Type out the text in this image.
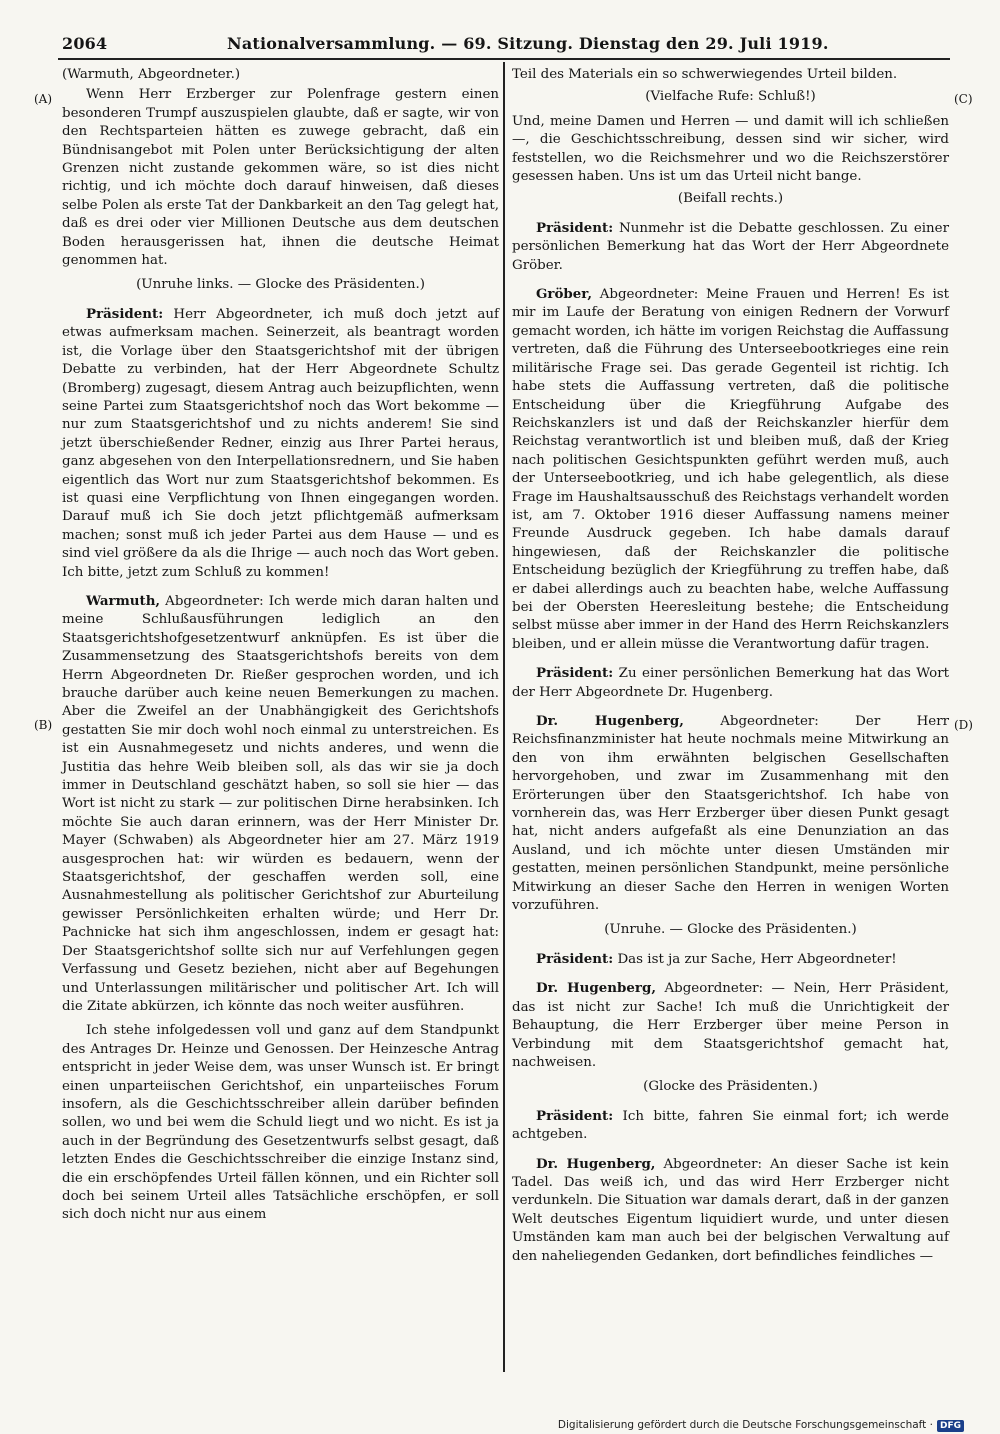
2064	Nationalversammlung. — 69. Sitzung. Dienstag den 29. Juli 1919.
(A)
(B)
(C)
(D)

(Warmuth, Abgeordneter.)

Wenn Herr Erzberger zur Polenfrage gestern einen besonderen Trumpf auszuspielen glaubte, daß er sagte, wir von den Rechtsparteien hätten es zuwege gebracht, daß ein Bündnisangebot mit Polen unter Berücksichtigung der alten Grenzen nicht zustande gekommen wäre, so ist dies nicht richtig, und ich möchte doch darauf hinweisen, daß dieses selbe Polen als erste Tat der Dankbarkeit an den Tag gelegt hat, daß es drei oder vier Millionen Deutsche aus dem deutschen Boden herausgerissen hat, ihnen die deutsche Heimat genommen hat.

(Unruhe links. — Glocke des Präsidenten.)

Präsident: Herr Abgeordneter, ich muß doch jetzt auf etwas aufmerksam machen. Seinerzeit, als beantragt worden ist, die Vorlage über den Staatsgerichtshof mit der übrigen Debatte zu verbinden, hat der Herr Abgeordnete Schultz (Bromberg) zugesagt, diesem Antrag auch beizupflichten, wenn seine Partei zum Staatsgerichtshof noch das Wort bekomme — nur zum Staatsgerichtshof und zu nichts anderem! Sie sind jetzt überschießender Redner, einzig aus Ihrer Partei heraus, ganz abgesehen von den Interpellationsrednern, und Sie haben eigentlich das Wort nur zum Staatsgerichtshof bekommen. Es ist quasi eine Verpflichtung von Ihnen eingegangen worden. Darauf muß ich Sie doch jetzt pflichtgemäß aufmerksam machen; sonst muß ich jeder Partei aus dem Hause — und es sind viel größere da als die Ihrige — auch noch das Wort geben. Ich bitte, jetzt zum Schluß zu kommen!

Warmuth, Abgeordneter: Ich werde mich daran halten und meine Schlußausführungen lediglich an den Staatsgerichtshofgesetzentwurf anknüpfen. Es ist über die Zusammensetzung des Staatsgerichtshofs bereits von dem Herrn Abgeordneten Dr. Rießer gesprochen worden, und ich brauche darüber auch keine neuen Bemerkungen zu machen. Aber die Zweifel an der Unabhängigkeit des Gerichtshofs gestatten Sie mir doch wohl noch einmal zu unterstreichen. Es ist ein Ausnahmegesetz und nichts anderes, und wenn die Justitia das hehre Weib bleiben soll, als das wir sie ja doch immer in Deutschland geschätzt haben, so soll sie hier — das Wort ist nicht zu stark — zur politischen Dirne herabsinken. Ich möchte Sie auch daran erinnern, was der Herr Minister Dr. Mayer (Schwaben) als Abgeordneter hier am 27. März 1919 ausgesprochen hat: wir würden es bedauern, wenn der Staatsgerichtshof, der geschaffen werden soll, eine Ausnahmestellung als politischer Gerichtshof zur Aburteilung gewisser Persönlichkeiten erhalten würde; und Herr Dr. Pachnicke hat sich ihm angeschlossen, indem er gesagt hat: Der Staatsgerichtshof sollte sich nur auf Verfehlungen gegen Verfassung und Gesetz beziehen, nicht aber auf Begehungen und Unterlassungen militärischer und politischer Art. Ich will die Zitate abkürzen, ich könnte das noch weiter ausführen.

Ich stehe infolgedessen voll und ganz auf dem Standpunkt des Antrages Dr. Heinze und Genossen. Der Heinzesche Antrag entspricht in jeder Weise dem, was unser Wunsch ist. Er bringt einen unparteiischen Gerichtshof, ein unparteiisches Forum insofern, als die Geschichtsschreiber allein darüber befinden sollen, wo und bei wem die Schuld liegt und wo nicht. Es ist ja auch in der Begründung des Gesetzentwurfs selbst gesagt, daß letzten Endes die Geschichtsschreiber die einzige Instanz sind, die ein erschöpfendes Urteil fällen können, und ein Richter soll doch bei seinem Urteil alles Tatsächliche erschöpfen, er soll sich doch nicht nur aus einem

Teil des Materials ein so schwerwiegendes Urteil bilden.

(Vielfache Rufe: Schluß!)

Und, meine Damen und Herren — und damit will ich schließen —, die Geschichtsschreibung, dessen sind wir sicher, wird feststellen, wo die Reichsmehrer und wo die Reichszerstörer gesessen haben. Uns ist um das Urteil nicht bange.

(Beifall rechts.)

Präsident: Nunmehr ist die Debatte geschlossen. Zu einer persönlichen Bemerkung hat das Wort der Herr Abgeordnete Gröber.

Gröber, Abgeordneter: Meine Frauen und Herren! Es ist mir im Laufe der Beratung von einigen Rednern der Vorwurf gemacht worden, ich hätte im vorigen Reichstag die Auffassung vertreten, daß die Führung des Unterseebootkrieges eine rein militärische Frage sei. Das gerade Gegenteil ist richtig. Ich habe stets die Auffassung vertreten, daß die politische Entscheidung über die Kriegführung Aufgabe des Reichskanzlers ist und daß der Reichskanzler hierfür dem Reichstag verantwortlich ist und bleiben muß, daß der Krieg nach politischen Gesichtspunkten geführt werden muß, auch der Unterseebootkrieg, und ich habe gelegentlich, als diese Frage im Haushaltsausschuß des Reichstags verhandelt worden ist, am 7. Oktober 1916 dieser Auffassung namens meiner Freunde Ausdruck gegeben. Ich habe damals darauf hingewiesen, daß der Reichskanzler die politische Entscheidung bezüglich der Kriegführung zu treffen habe, daß er dabei allerdings auch zu beachten habe, welche Auffassung bei der Obersten Heeresleitung bestehe; die Entscheidung selbst müsse aber immer in der Hand des Herrn Reichskanzlers bleiben, und er allein müsse die Verantwortung dafür tragen.

Präsident: Zu einer persönlichen Bemerkung hat das Wort der Herr Abgeordnete Dr. Hugenberg.

Dr. Hugenberg, Abgeordneter: Der Herr Reichsfinanzminister hat heute nochmals meine Mitwirkung an den von ihm erwähnten belgischen Gesellschaften hervorgehoben, und zwar im Zusammenhang mit den Erörterungen über den Staatsgerichtshof. Ich habe von vornherein das, was Herr Erzberger über diesen Punkt gesagt hat, nicht anders aufgefaßt als eine Denunziation an das Ausland, und ich möchte unter diesen Umständen mir gestatten, meinen persönlichen Standpunkt, meine persönliche Mitwirkung an dieser Sache den Herren in wenigen Worten vorzuführen.

(Unruhe. — Glocke des Präsidenten.)

Präsident: Das ist ja zur Sache, Herr Abgeordneter!

Dr. Hugenberg, Abgeordneter: — Nein, Herr Präsident, das ist nicht zur Sache! Ich muß die Unrichtigkeit der Behauptung, die Herr Erzberger über meine Person in Verbindung mit dem Staatsgerichtshof gemacht hat, nachweisen.

(Glocke des Präsidenten.)

Präsident: Ich bitte, fahren Sie einmal fort; ich werde achtgeben.

Dr. Hugenberg, Abgeordneter: An dieser Sache ist kein Tadel. Das weiß ich, und das wird Herr Erzberger nicht verdunkeln. Die Situation war damals derart, daß in der ganzen Welt deutsches Eigentum liquidiert wurde, und unter diesen Umständen kam man auch bei der belgischen Verwaltung auf den naheliegenden Gedanken, dort befindliches feindliches —

Digitalisierung gefördert durch die Deutsche Forschungsgemeinschaft · DFG
